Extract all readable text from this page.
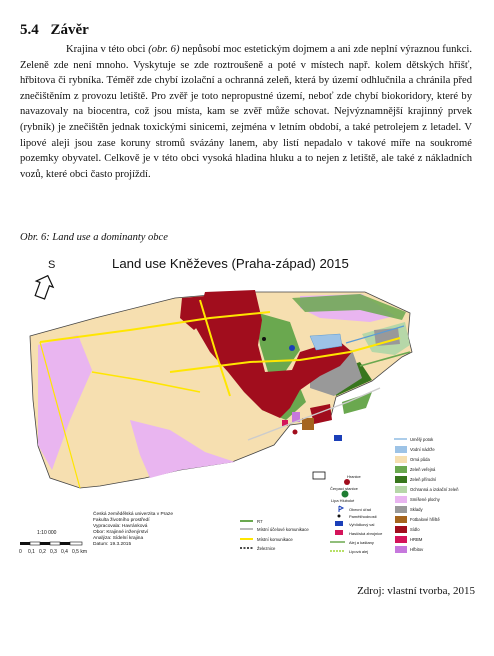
5.4 Závěr
Krajina v této obci (obr. 6) nepůsobí moc estetickým dojmem a ani zde neplní výraznou funkci. Zeleně zde není mnoho. Vyskytuje se zde roztroušeně a poté v místech např. kolem dětských hřišť, hřbitova či rybníka. Téměř zde chybí izolační a ochranná zeleň, která by území odhlučnila a chránila před znečištěním z provozu letiště. Pro zvěř je toto nepropustné území, neboť zde chybí biokoridory, které by navazovaly na biocentra, což jsou místa, kam se zvěř může schovat. Nejvýznamnější krajinný prvek (rybník) je znečištěn jednak toxickými sinicemi, zejména v letním období, a také petrolejem z letadel. V lipové aleji jsou zase koruny stromů svázány lanem, aby listí nepadalo v takové míře na soukromé pozemky obyvatel. Celkově je v této obci vysoká hladina hluku a to nejen z letiště, ale také z nákladních vozů, které obci často projíždí.
Obr. 6: Land use a dominanty obce
Land use Kněževes (Praha-západ) 2015
S
Hranice
Čerpací stanice
Lipa Hluboké
Obecní úřad
Pamětihodnosti
Vyhlídkový val
Hasičská zbrojnice
Alej a kaštany
Lipová alej
Umělý potok
Vodní nádrže
Orná půda
Zeleň veřejná
Zeleň přírodní
Ochranná a izolační zeleň
Smíšené plochy
Sklady
Fotbalové hřiště
Sídlo
HRBM
Hřbitov
R7
Místní účelové komunikace
Místní komunikace
Železnice
Česká zemědělská univerzita v Praze
Fakulta životního prostředí
Vypracovala: Havránková
Obor: Krajinné inženýrství
Analýza: Sídelní krajina
Datum: 19.3.2015
1:10 000
0 0,1 0,2 0,3 0,4 0,5 km
Zdroj: vlastní tvorba, 2015
